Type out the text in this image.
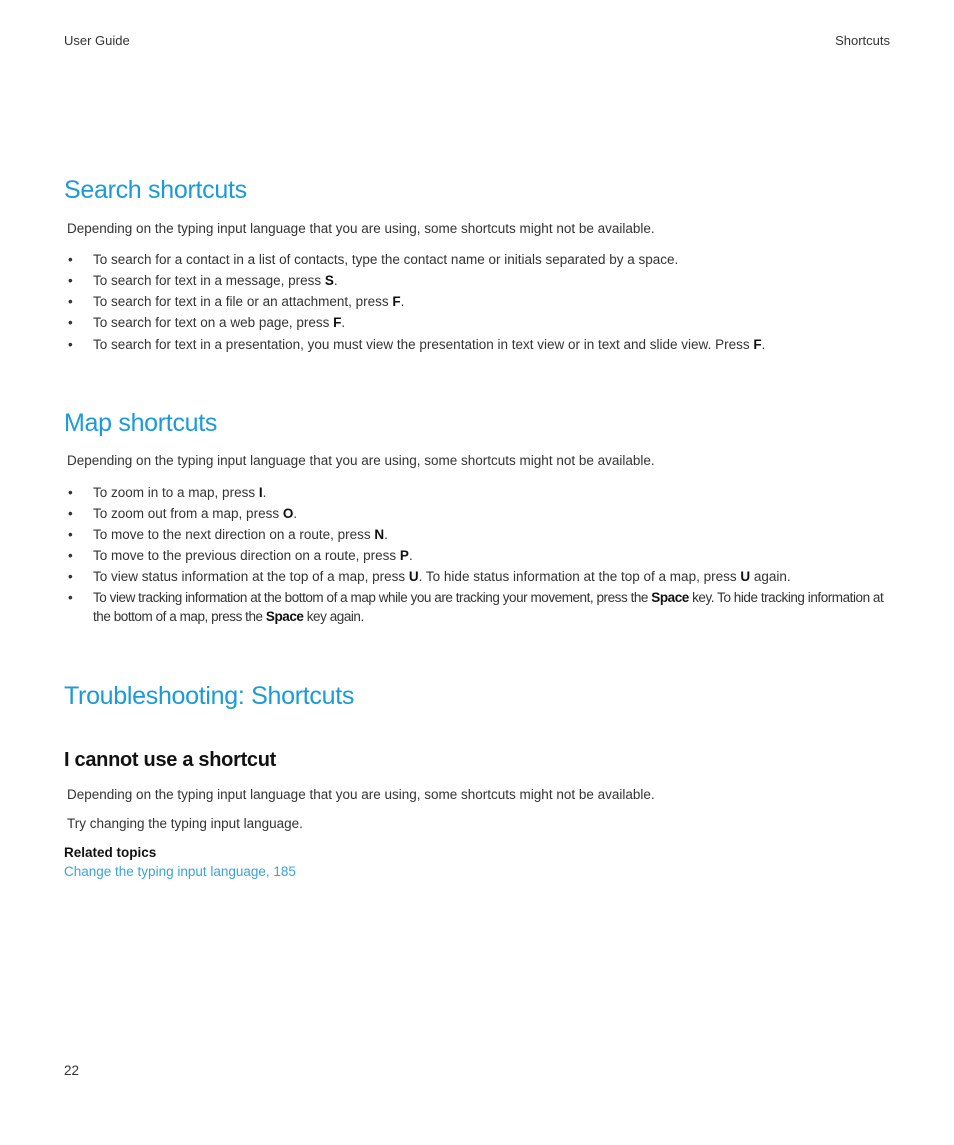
User Guide	Shortcuts
Search shortcuts
Depending on the typing input language that you are using, some shortcuts might not be available.
• To search for a contact in a list of contacts, type the contact name or initials separated by a space.
• To search for text in a message, press S.
• To search for text in a file or an attachment, press F.
• To search for text on a web page, press F.
• To search for text in a presentation, you must view the presentation in text view or in text and slide view. Press F.
Map shortcuts
Depending on the typing input language that you are using, some shortcuts might not be available.
• To zoom in to a map, press I.
• To zoom out from a map, press O.
• To move to the next direction on a route, press N.
• To move to the previous direction on a route, press P.
• To view status information at the top of a map, press U. To hide status information at the top of a map, press U again.
• To view tracking information at the bottom of a map while you are tracking your movement, press the Space key. To hide tracking information at the bottom of a map, press the Space key again.
Troubleshooting: Shortcuts
I cannot use a shortcut
Depending on the typing input language that you are using, some shortcuts might not be available.
Try changing the typing input language.
Related topics
Change the typing input language, 185
22
